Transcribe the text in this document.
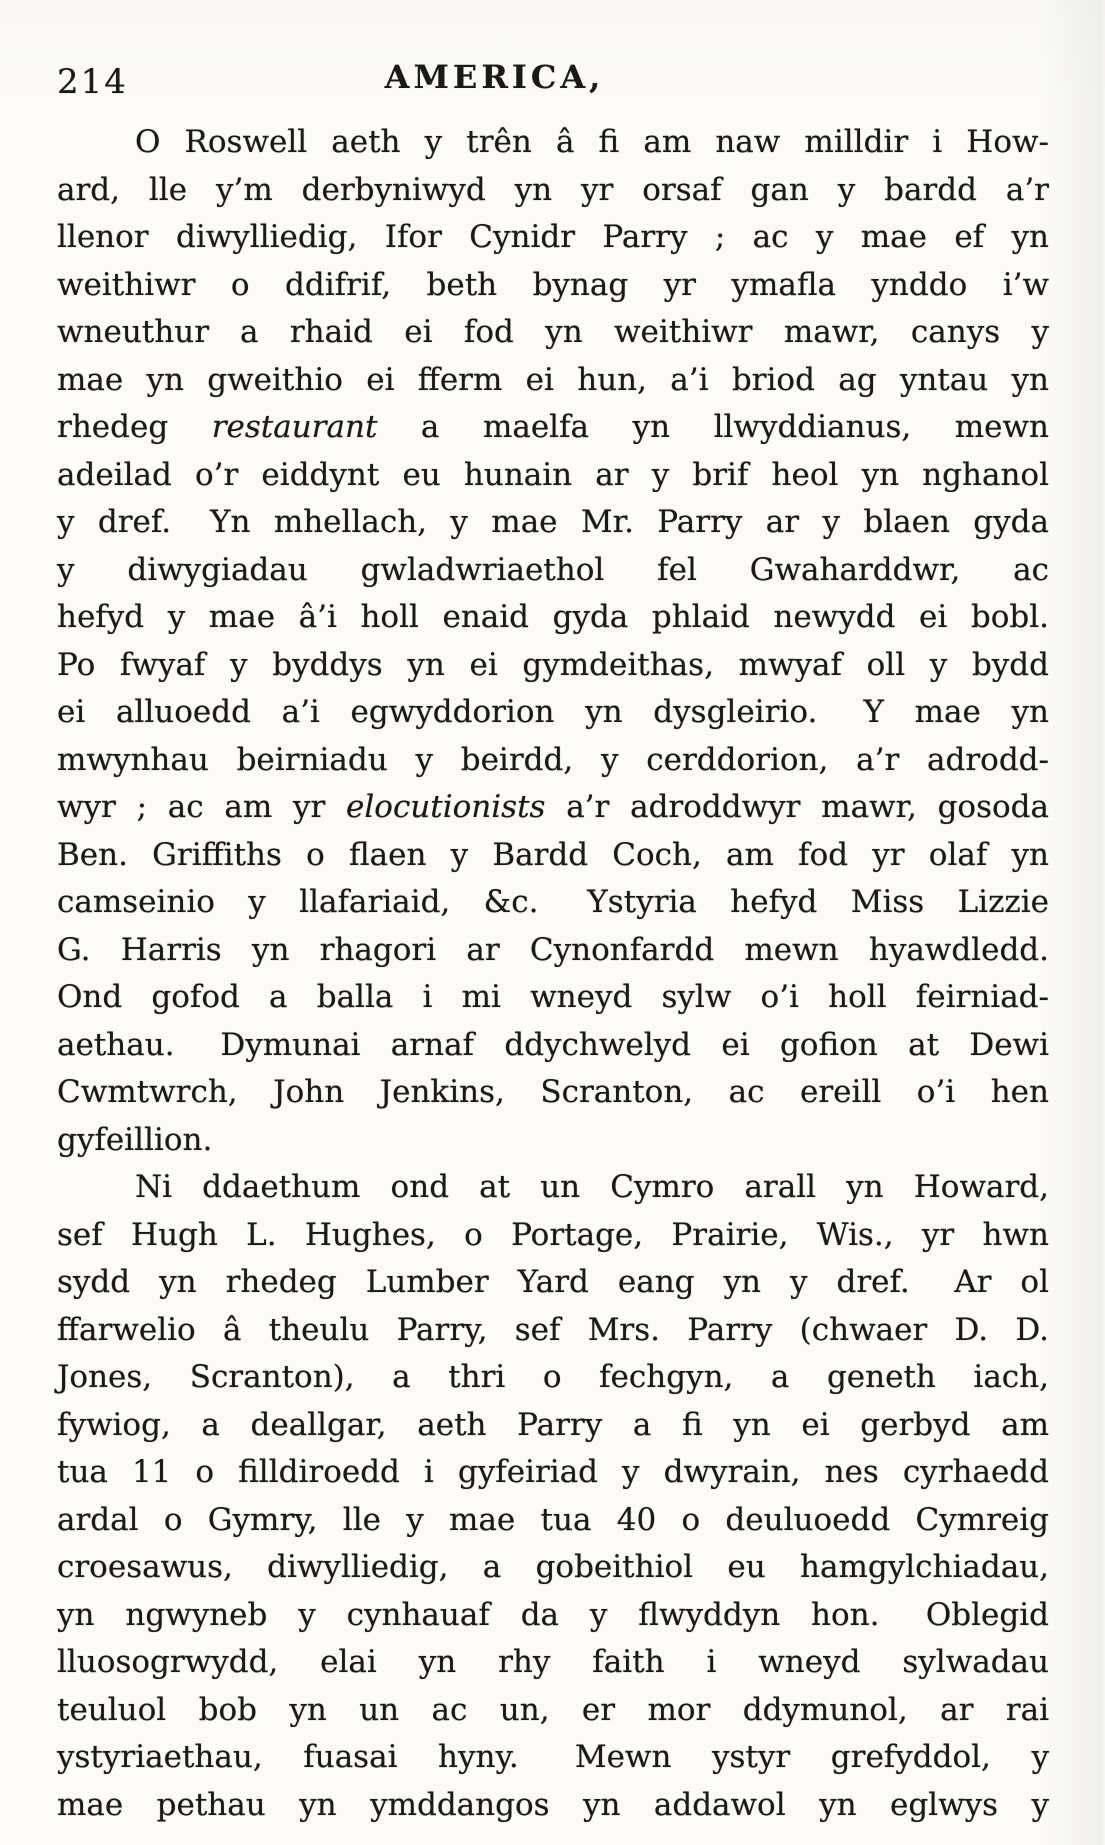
214	AMERICA,
O Roswell aeth y trên â fi am naw milldir i How-
ard, lle y’m derbyniwyd yn yr orsaf gan y bardd a’r
llenor diwylliedig, Ifor Cynidr Parry ; ac y mae ef yn
weithiwr o ddifrif, beth bynag yr ymafla ynddo i’w
wneuthur a rhaid ei fod yn weithiwr mawr, canys y
mae yn gweithio ei fferm ei hun, a’i briod ag yntau yn
rhedeg restaurant a maelfa yn llwyddianus, mewn
adeilad o’r eiddynt eu hunain ar y brif heol yn nghanol
y dref.  Yn mhellach, y mae Mr. Parry ar y blaen gyda
y diwygiadau gwladwriaethol fel Gwaharddwr, ac
hefyd y mae â’i holl enaid gyda phlaid newydd ei bobl.
Po fwyaf y byddys yn ei gymdeithas, mwyaf oll y bydd
ei alluoedd a’i egwyddorion yn dysgleirio.  Y mae yn
mwynhau beirniadu y beirdd, y cerddorion, a’r adrodd-
wyr ; ac am yr elocutionists a’r adroddwyr mawr, gosoda
Ben. Griffiths o flaen y Bardd Coch, am fod yr olaf yn
camseinio y llafariaid, &c.  Ystyria hefyd Miss Lizzie
G. Harris yn rhagori ar Cynonfardd mewn hyawdledd.
Ond gofod a balla i mi wneyd sylw o’i holl feirniad-
aethau.  Dymunai arnaf ddychwelyd ei gofion at Dewi
Cwmtwrch, John Jenkins, Scranton, ac ereill o’i hen
gyfeillion.
Ni ddaethum ond at un Cymro arall yn Howard,
sef Hugh L. Hughes, o Portage, Prairie, Wis., yr hwn
sydd yn rhedeg Lumber Yard eang yn y dref.  Ar ol
ffarwelio â theulu Parry, sef Mrs. Parry (chwaer D. D.
Jones, Scranton), a thri o fechgyn, a geneth iach,
fywiog, a deallgar, aeth Parry a fi yn ei gerbyd am
tua 11 o filldiroedd i gyfeiriad y dwyrain, nes cyrhaedd
ardal o Gymry, lle y mae tua 40 o deuluoedd Cymreig
croesawus, diwylliedig, a gobeithiol eu hamgylchiadau,
yn ngwyneb y cynhauaf da y flwyddyn hon.  Oblegid
lluosogrwydd, elai yn rhy faith i wneyd sylwadau
teuluol bob yn un ac un, er mor ddymunol, ar rai
ystyriaethau, fuasai hyny.  Mewn ystyr grefyddol, y
mae pethau yn ymddangos yn addawol yn eglwys y
